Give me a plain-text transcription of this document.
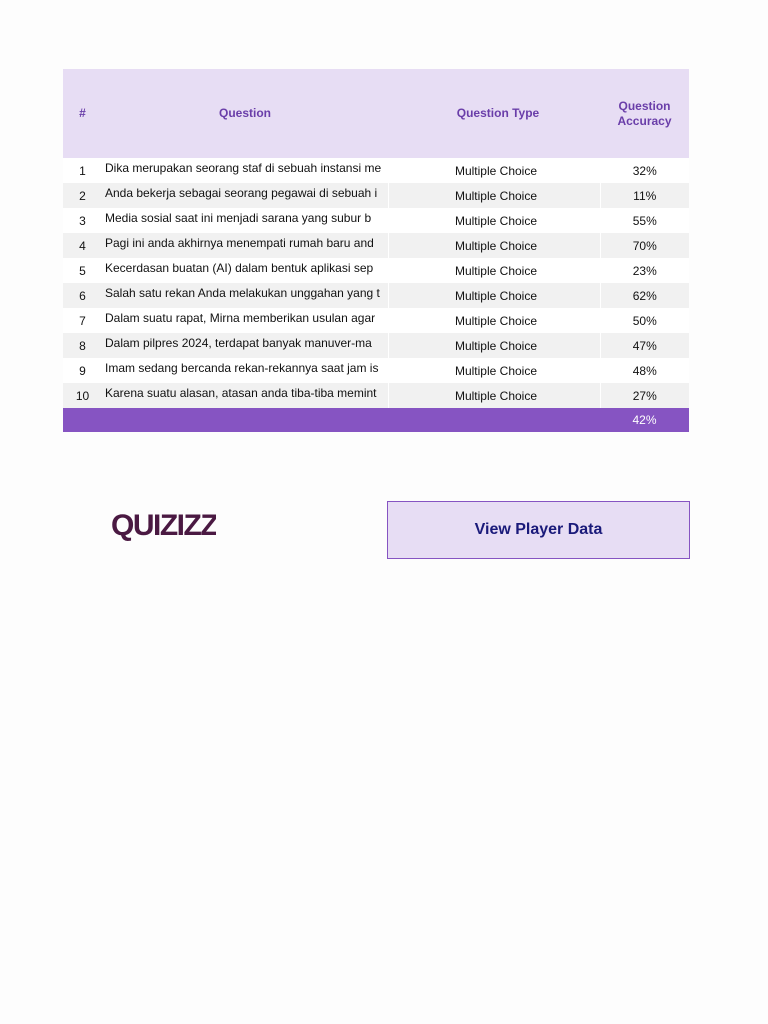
#	Question	Question Type	Question Accuracy
1	Dika merupakan seorang staf di sebuah instansi me	Multiple Choice	32%
2	Anda bekerja sebagai seorang pegawai di sebuah i	Multiple Choice	11%
3	Media sosial saat ini menjadi sarana yang subur b	Multiple Choice	55%
4	Pagi ini anda akhirnya menempati rumah baru and	Multiple Choice	70%
5	Kecerdasan buatan (AI) dalam bentuk aplikasi sep	Multiple Choice	23%
6	Salah satu rekan Anda melakukan unggahan yang t	Multiple Choice	62%
7	Dalam suatu rapat, Mirna memberikan usulan agar	Multiple Choice	50%
8	Dalam pilpres 2024, terdapat banyak manuver-ma	Multiple Choice	47%
9	Imam sedang bercanda rekan-rekannya saat jam is	Multiple Choice	48%
10	Karena suatu alasan, atasan anda tiba-tiba memint	Multiple Choice	27%
			42%
QUIZIZZ	View Player Data
